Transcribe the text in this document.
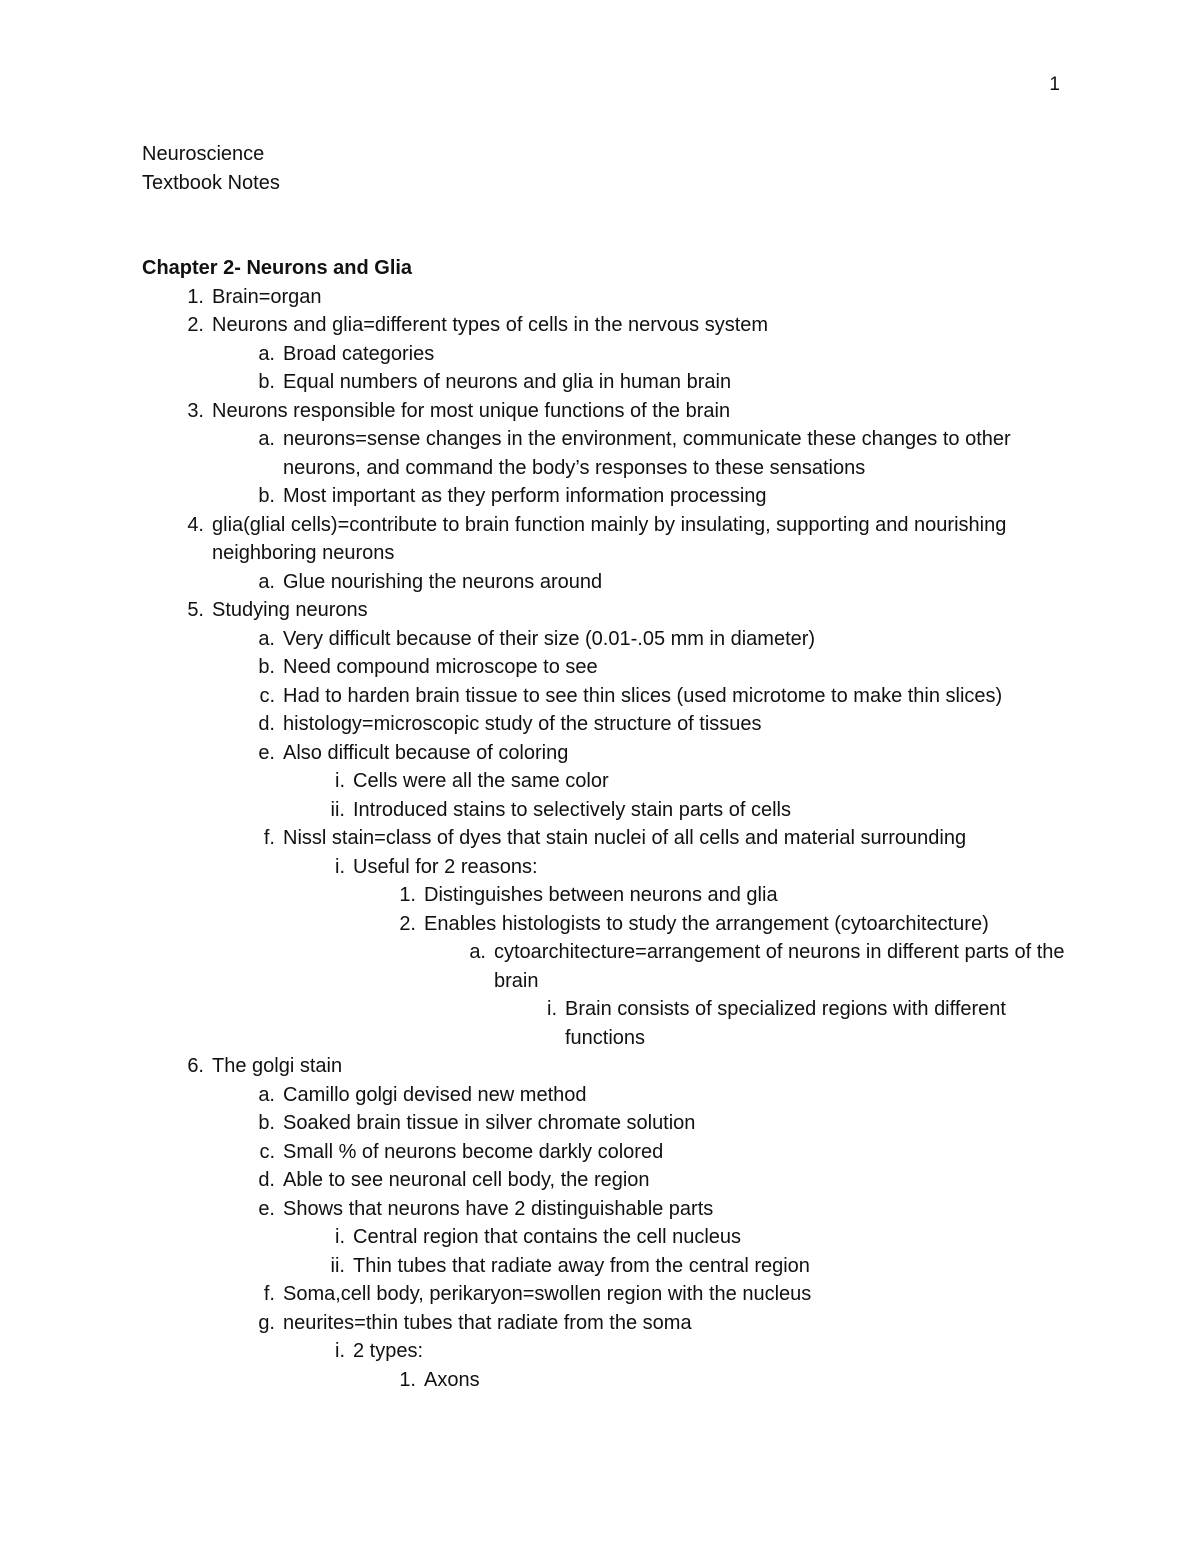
1
Neuroscience
Textbook Notes
Chapter 2- Neurons and Glia
1. Brain=organ
2. Neurons and glia=different types of cells in the nervous system
a. Broad categories
b. Equal numbers of neurons and glia in human brain
3. Neurons responsible for most unique functions of the brain
a. neurons=sense changes in the environment, communicate these changes to other neurons, and command the body’s responses to these sensations
b. Most important as they perform information processing
4. glia(glial cells)=contribute to brain function mainly by insulating, supporting and nourishing neighboring neurons
a. Glue nourishing the neurons around
5. Studying neurons
a. Very difficult because of their size (0.01-.05 mm in diameter)
b. Need compound microscope to see
c. Had to harden brain tissue to see thin slices (used microtome to make thin slices)
d. histology=microscopic study of the structure of tissues
e. Also difficult because of coloring
i. Cells were all the same color
ii. Introduced stains to selectively stain parts of cells
f. Nissl stain=class of dyes that stain nuclei of all cells and material surrounding
i. Useful for 2 reasons:
1. Distinguishes between neurons and glia
2. Enables histologists to study the arrangement (cytoarchitecture)
a. cytoarchitecture=arrangement of neurons in different parts of the brain
i. Brain consists of specialized regions with different functions
6. The golgi stain
a. Camillo golgi devised new method
b. Soaked brain tissue in silver chromate solution
c. Small % of neurons become darkly colored
d. Able to see neuronal cell body, the region
e. Shows that neurons have 2 distinguishable parts
i. Central region that contains the cell nucleus
ii. Thin tubes that radiate away from the central region
f. Soma,cell body, perikaryon=swollen region with the nucleus
g. neurites=thin tubes that radiate from the soma
i. 2 types:
1. Axons
